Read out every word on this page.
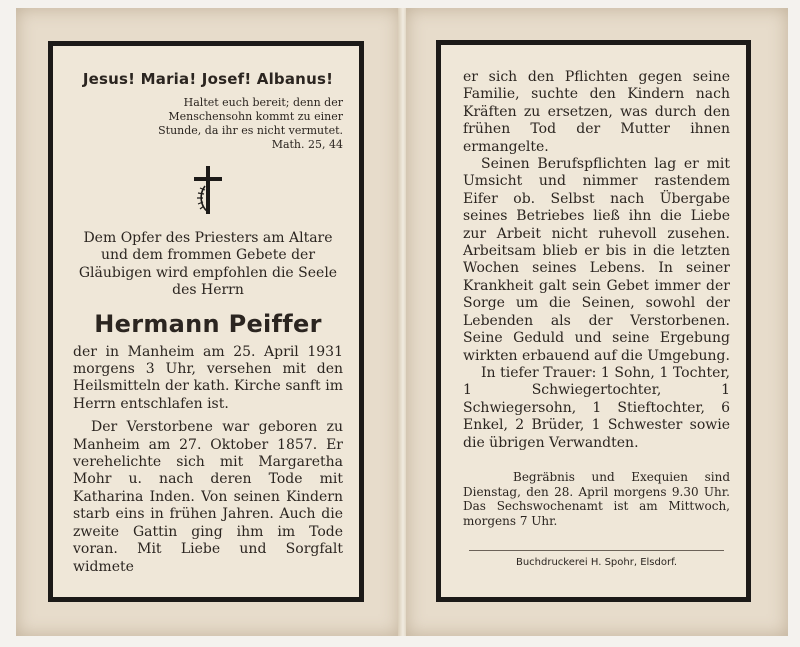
Jesus! Maria! Josef! Albanus!

Haltet euch bereit; denn der
Menschensohn kommt zu einer
Stunde, da ihr es nicht vermutet.
Math. 25, 44

Dem Opfer des Priesters am Altare und dem frommen Gebete der Gläubigen wird empfohlen die Seele des Herrn

Hermann Peiffer

der in Manheim am 25. April 1931 morgens 3 Uhr, versehen mit den Heilsmitteln der kath. Kirche sanft im Herrn entschlafen ist.

Der Verstorbene war geboren zu Manheim am 27. Oktober 1857. Er verehelichte sich mit Margaretha Mohr u. nach deren Tode mit Katharina Inden. Von seinen Kindern starb eins in frühen Jahren. Auch die zweite Gattin ging ihm im Tode voran. Mit Liebe und Sorgfalt widmete

er sich den Pflichten gegen seine Familie, suchte den Kindern nach Kräften zu ersetzen, was durch den frühen Tod der Mutter ihnen ermangelte.

Seinen Berufspflichten lag er mit Umsicht und nimmer rastendem Eifer ob. Selbst nach Übergabe seines Betriebes ließ ihn die Liebe zur Arbeit nicht ruhevoll zusehen. Arbeitsam blieb er bis in die letzten Wochen seines Lebens. In seiner Krankheit galt sein Gebet immer der Sorge um die Seinen, sowohl der Lebenden als der Verstorbenen. Seine Geduld und seine Ergebung wirkten erbauend auf die Umgebung.

In tiefer Trauer: 1 Sohn, 1 Tochter, 1 Schwiegertochter, 1 Schwiegersohn, 1 Stieftochter, 6 Enkel, 2 Brüder, 1 Schwester sowie die übrigen Verwandten.

Begräbnis und Exequien sind Dienstag, den 28. April morgens 9.30 Uhr. Das Sechswochenamt ist am Mittwoch, morgens 7 Uhr.

Buchdruckerei H. Spohr, Elsdorf.
